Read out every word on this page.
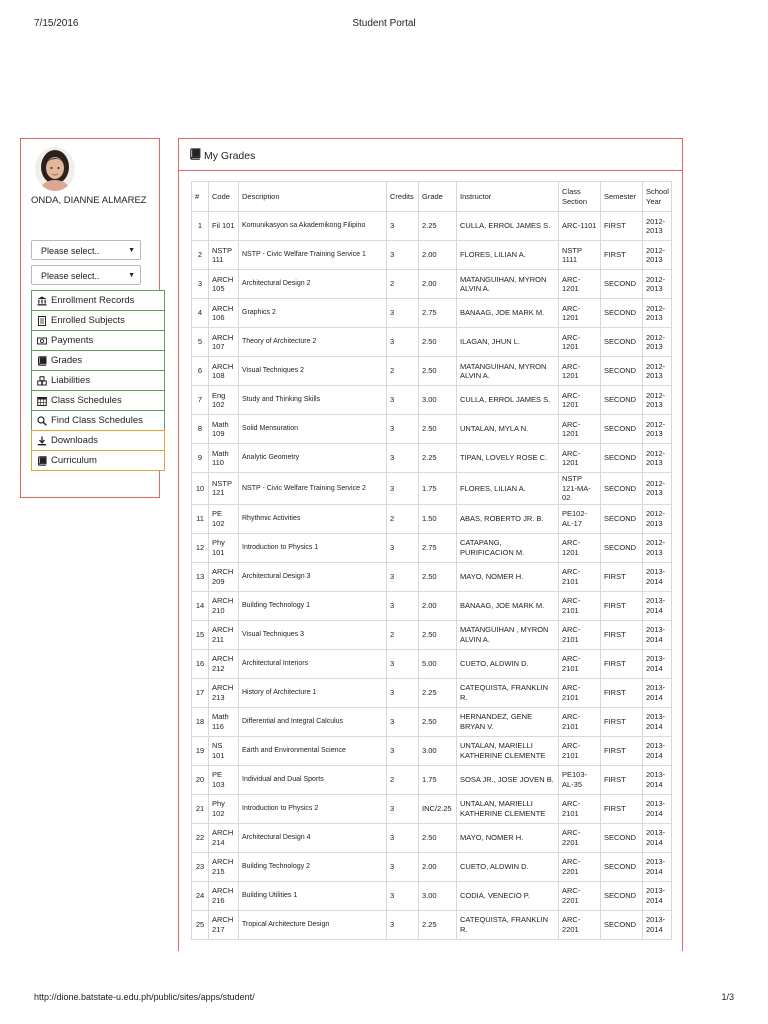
7/15/2016	Student Portal
ONDA, DIANNE ALMAREZ
Please select..	▼
Please select..	▼
Enrollment Records
Enrolled Subjects
Payments
Grades
Liabilities
Class Schedules
Find Class Schedules
Downloads
Curriculum
My Grades
#	Code	Description	Credits	Grade	Instructor	Class Section	Semester	School Year
1	Fil 101	Komunikasyon sa Akademikong Filipino	3	2.25	CULLA, ERROL JAMES S.	ARC-1101	FIRST	2012-2013
2	NSTP 111	NSTP - Civic Welfare Training Service 1	3	2.00	FLORES, LILIAN A.	NSTP 1111	FIRST	2012-2013
3	ARCH 105	Architectural Design 2	2	2.00	MATANGUIHAN, MYRON ALVIN A.	ARC-1201	SECOND	2012-2013
4	ARCH 106	Graphics 2	3	2.75	BANAAG, JOE MARK M.	ARC-1201	SECOND	2012-2013
5	ARCH 107	Theory of Architecture 2	3	2.50	ILAGAN, JHUN L.	ARC-1201	SECOND	2012-2013
6	ARCH 108	Visual Techniques 2	2	2.50	MATANGUIHAN, MYRON ALVIN A.	ARC-1201	SECOND	2012-2013
7	Eng 102	Study and Thinking Skills	3	3.00	CULLA, ERROL JAMES S.	ARC-1201	SECOND	2012-2013
8	Math 109	Solid Mensuration	3	2.50	UNTALAN, MYLA N.	ARC-1201	SECOND	2012-2013
9	Math 110	Analytic Geometry	3	2.25	TIPAN, LOVELY ROSE C.	ARC-1201	SECOND	2012-2013
10	NSTP 121	NSTP - Civic Welfare Training Service 2	3	1.75	FLORES, LILIAN A.	NSTP 121-MA-02	SECOND	2012-2013
11	PE 102	Rhythmic Activities	2	1.50	ABAS, ROBERTO JR. B.	PE102-AL-17	SECOND	2012-2013
12	Phy 101	Introduction to Physics 1	3	2.75	CATAPANG, PURIFICACION M.	ARC-1201	SECOND	2012-2013
13	ARCH 209	Architectural Design 3	3	2.50	MAYO, NOMER H.	ARC-2101	FIRST	2013-2014
14	ARCH 210	Building Technology 1	3	2.00	BANAAG, JOE MARK M.	ARC-2101	FIRST	2013-2014
15	ARCH 211	Visual Techniques 3	2	2.50	MATANGUIHAN , MYRON ALVIN A.	ARC-2101	FIRST	2013-2014
16	ARCH 212	Architectural Interiors	3	5.00	CUETO, ALDWIN D.	ARC-2101	FIRST	2013-2014
17	ARCH 213	History of Architecture 1	3	2.25	CATEQUISTA, FRANKLIN R.	ARC-2101	FIRST	2013-2014
18	Math 116	Differential and Integral Calculus	3	2.50	HERNANDEZ, GENE BRYAN V.	ARC-2101	FIRST	2013-2014
19	NS 101	Earth and Environmental Science	3	3.00	UNTALAN, MARIELLI KATHERINE CLEMENTE	ARC-2101	FIRST	2013-2014
20	PE 103	Individual and Dual Sports	2	1.75	SOSA JR., JOSE JOVEN B.	PE103-AL-35	FIRST	2013-2014
21	Phy 102	Introduction to Physics 2	3	INC/2.25	UNTALAN, MARIELLI KATHERINE CLEMENTE	ARC-2101	FIRST	2013-2014
22	ARCH 214	Architectural Design 4	3	2.50	MAYO, NOMER H.	ARC-2201	SECOND	2013-2014
23	ARCH 215	Building Technology 2	3	2.00	CUETO, ALDWIN D.	ARC-2201	SECOND	2013-2014
24	ARCH 216	Building Utilities 1	3	3.00	CODIA, VENECIO P.	ARC-2201	SECOND	2013-2014
25	ARCH 217	Tropical Architecture Design	3	2.25	CATEQUISTA, FRANKLIN R.	ARC-2201	SECOND	2013-2014
http://dione.batstate-u.edu.ph/public/sites/apps/student/	1/3
